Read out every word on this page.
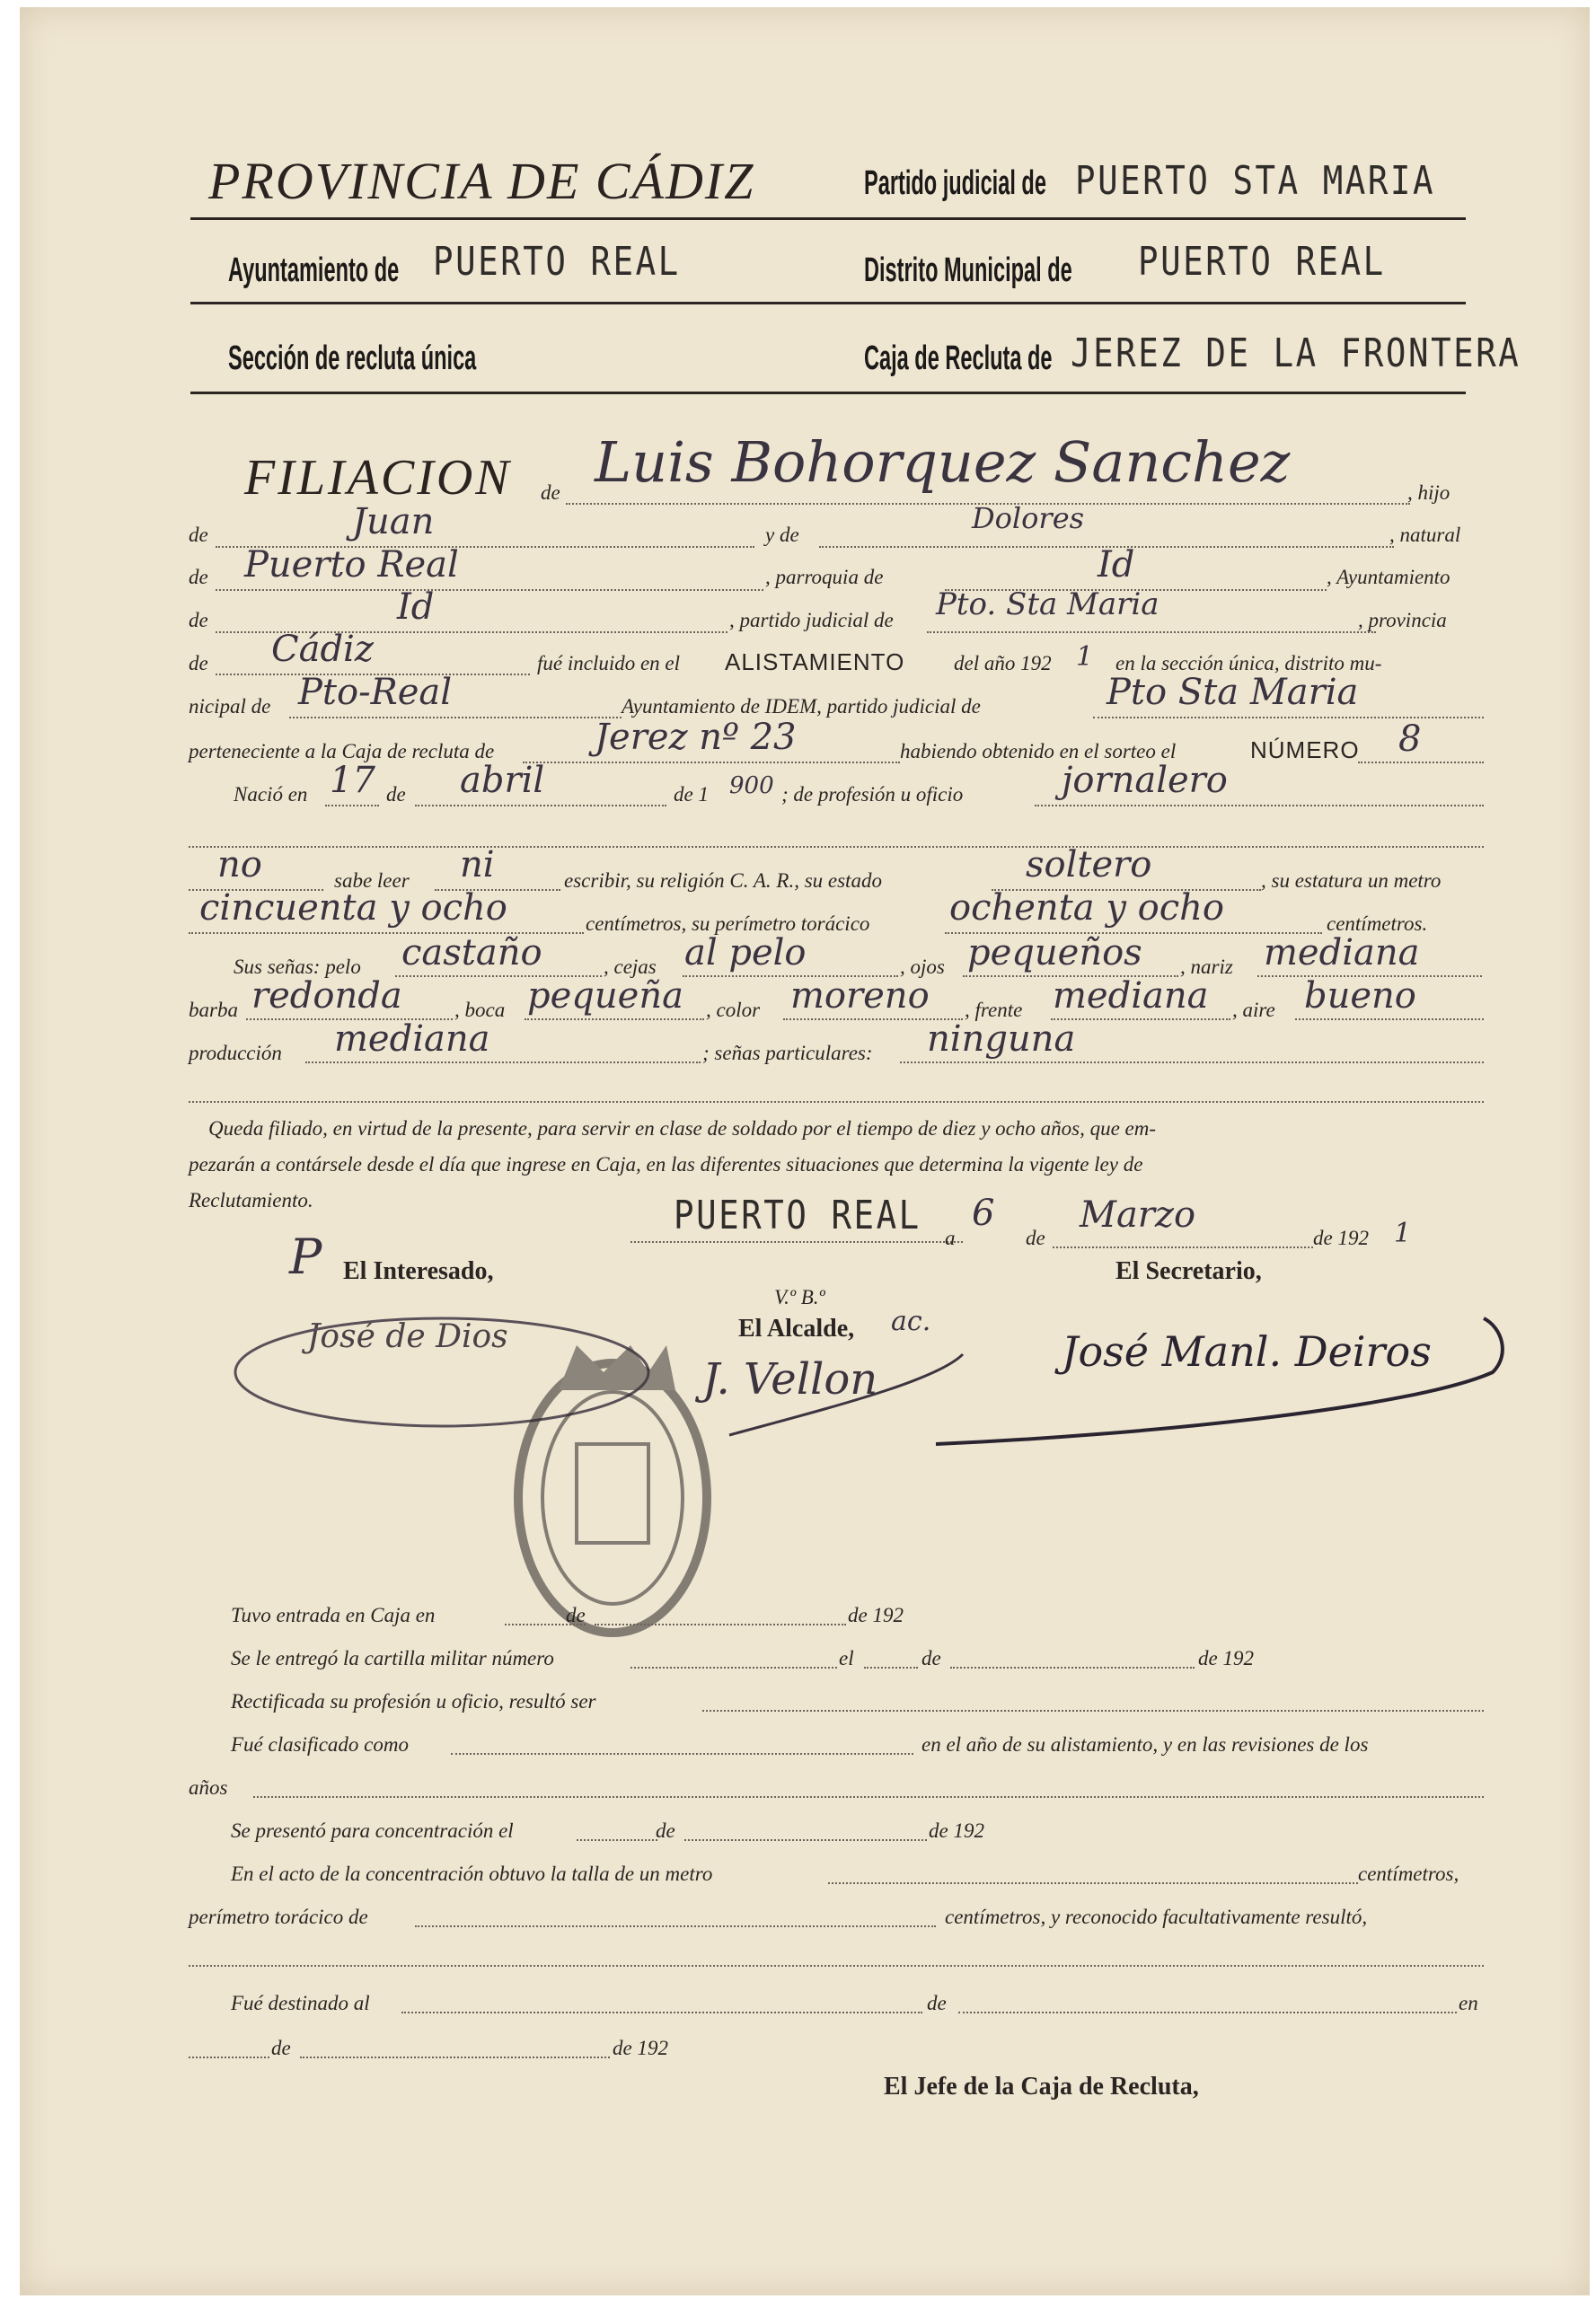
PROVINCIA DE CÁDIZ	Partido judicial de PUERTO STA MARIA
Ayuntamiento de PUERTO REAL	Distrito Municipal de PUERTO REAL
Sección de recluta única	Caja de Recluta de JEREZ DE LA FRONTERA
FILIACION de Luis Bohorquez Sanchez	, hijo
de	Juan	y de	Dolores	, natural
de Puerto Real	, parroquia de	Id	, Ayuntamiento
de	Id	, partido judicial de Pto. Sta Maria	, provincia
de Cádiz	fué incluido en el ALISTAMIENTO del año 192 1 en la sección única, distrito mu-
nicipal de Pto-Real	Ayuntamiento de IDEM, partido judicial de	Pto Sta Maria
perteneciente a la Caja de recluta de	Jerez nº 23	habiendo obtenido en el sorteo el	NÚMERO 8
Nació en 17 de abril	de 1 900 ; de profesión u oficio	jornalero
no	sabe leer ni	escribir, su religión C. A. R., su estado	soltero	, su estatura un metro
cincuenta y ocho	centímetros, su perímetro torácico ochenta y ocho	centímetros.
Sus señas: pelo castaño	, cejas al pelo	, ojos pequeños , nariz mediana
barba redonda	, boca pequeña , color moreno , frente mediana , aire bueno
producción mediana	; señas particulares: ninguna
Queda filiado, en virtud de la presente, para servir en clase de soldado por el tiempo de diez y ocho años, que em-
pezarán a contársele desde el día que ingrese en Caja, en las diferentes situaciones que determina la vigente ley de
Reclutamiento.	PUERTO REAL a
6
de
Marzo
de 192 1
P El Interesado,
José de Dios
V.º B.º
El Alcalde, ac.
J. Vellon
El Secretario,
José Manl. Deiros
Tuvo entrada en Caja en	de	de 192
Se le entregó la cartilla militar número	el	de	de 192
Rectificada su profesión u oficio, resultó ser
Fué clasificado como	en el año de su alistamiento, y en las revisiones de los
años
Se presentó para concentración el	de	de 192
En el acto de la concentración obtuvo la talla de un metro	centímetros,
perímetro torácico de	centímetros, y reconocido facultativamente resultó,
Fué destinado al	de	en
de	de 192
El Jefe de la Caja de Recluta,
